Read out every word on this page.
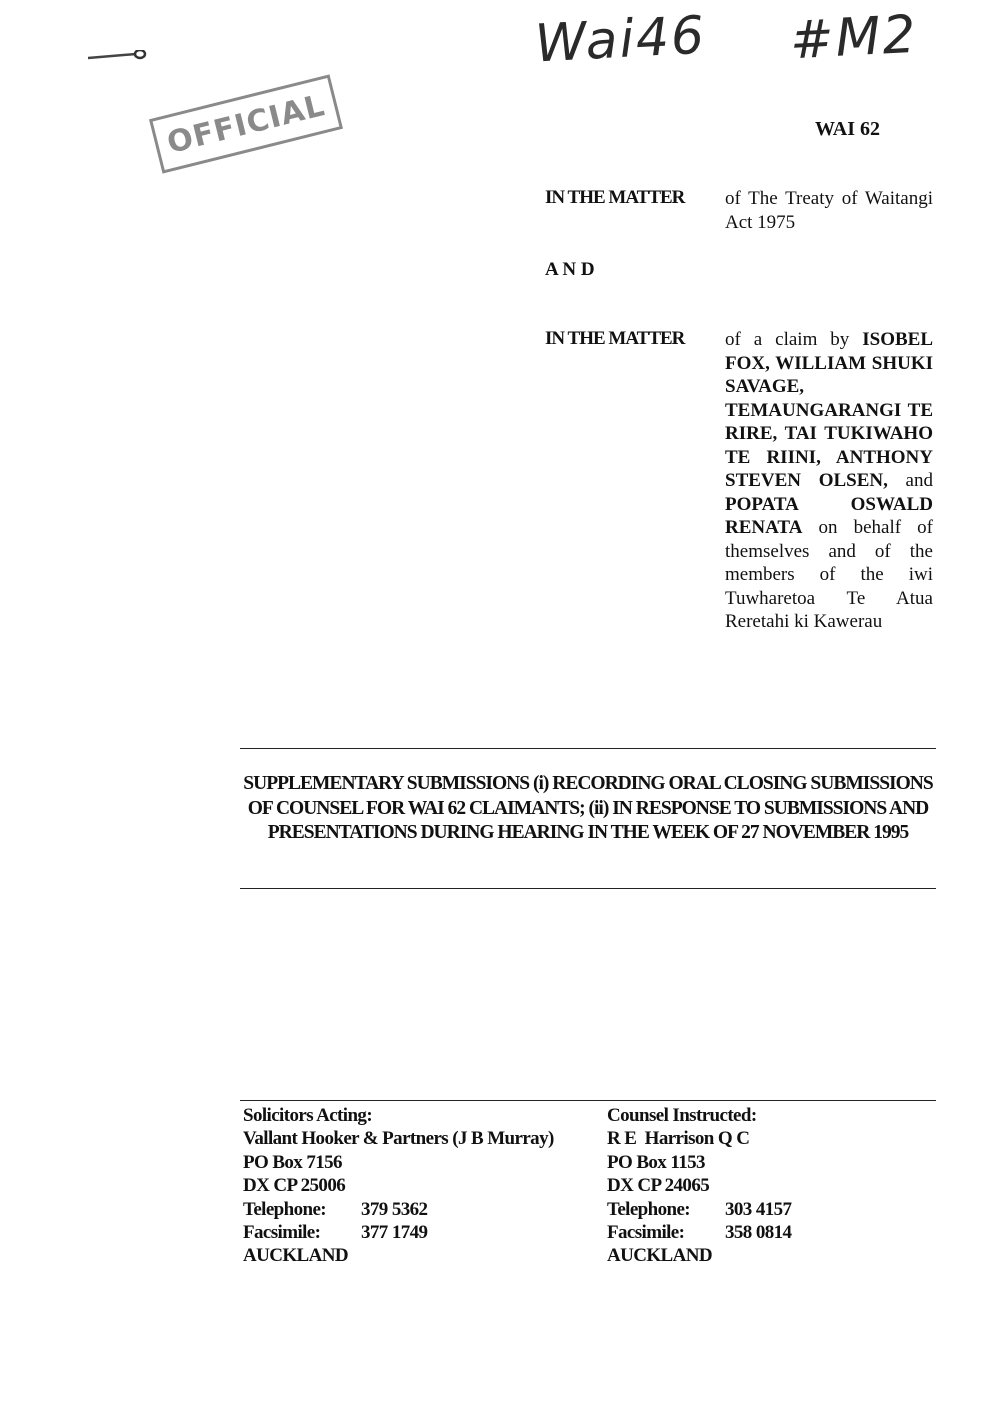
OFFICIAL
Wai46 #M2
WAI 62
IN THE MATTER of The Treaty of Waitangi Act 1975
A N D
IN THE MATTER of a claim by ISOBEL FOX, WILLIAM SHUKI SAVAGE, TEMAUNGARANGI TE RIRE, TAI TUKIWAHO TE RIINI, ANTHONY STEVEN OLSEN, and POPATA OSWALD RENATA on behalf of themselves and of the members of the iwi Tuwharetoa Te Atua Reretahi ki Kawerau
SUPPLEMENTARY SUBMISSIONS (i) RECORDING ORAL CLOSING SUBMISSIONS OF COUNSEL FOR WAI 62 CLAIMANTS; (ii) IN RESPONSE TO SUBMISSIONS AND PRESENTATIONS DURING HEARING IN THE WEEK OF 27 NOVEMBER 1995
Solicitors Acting:
Vallant Hooker & Partners (J B Murray)
PO Box 7156
DX CP 25006
Telephone:	379 5362
Facsimile:	377 1749
AUCKLAND
Counsel Instructed:
R E  Harrison Q C
PO Box 1153
DX CP 24065
Telephone:	303 4157
Facsimile:	358 0814
AUCKLAND
